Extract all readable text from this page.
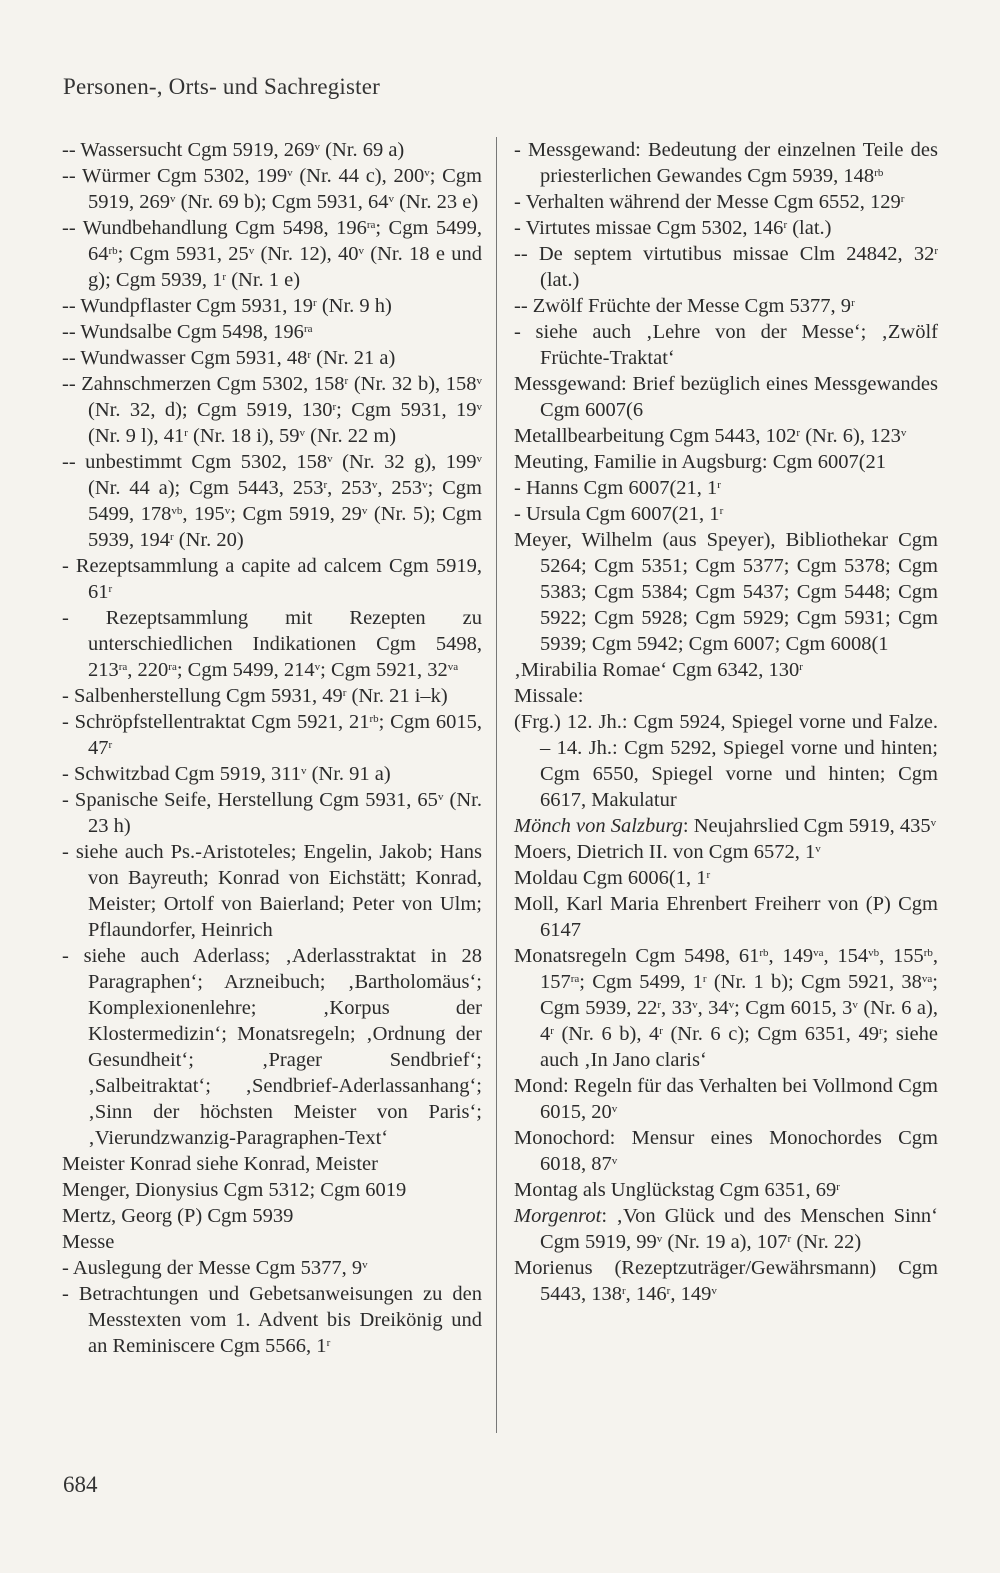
Personen-, Orts- und Sachregister
-- Wassersucht Cgm 5919, 269$^v$ (Nr. 69 a)
-- Würmer Cgm 5302, 199$^v$ (Nr. 44 c), 200$^v$; Cgm 5919, 269$^v$ (Nr. 69 b); Cgm 5931, 64$^v$ (Nr. 23 e)
-- Wundbehandlung Cgm 5498, $196^{ra}$; Cgm 5499, $64^{rb}$; Cgm 5931, 25$^v$ (Nr. 12), 40$^v$ (Nr. 18 e und g); Cgm 5939, 1$^r$ (Nr. 1 e)
-- Wundpflaster Cgm 5931, 19$^r$ (Nr. 9 h)
-- Wundsalbe Cgm 5498, $196^{ra}$
-- Wundwasser Cgm 5931, 48$^r$ (Nr. 21 a)
-- Zahnschmerzen Cgm 5302, 158$^r$ (Nr. 32 b), 158$^v$ (Nr. 32, d); Cgm 5919, 130$^r$; Cgm 5931, 19$^v$ (Nr. 9 l), 41$^r$ (Nr. 18 i), 59$^v$ (Nr. 22 m)
-- unbestimmt Cgm 5302, 158$^v$ (Nr. 32 g), 199$^v$ (Nr. 44 a); Cgm 5443, 253$^r$, 253$^v$, 253$^v$; Cgm 5499, $178^{vb}$, 195$^v$; Cgm 5919, 29$^v$ (Nr. 5); Cgm 5939, 194$^r$ (Nr. 20)
- Rezeptsammlung a capite ad calcem Cgm 5919, 61$^r$
- Rezeptsammlung mit Rezepten zu unterschiedlichen Indikationen Cgm 5498, $213^{ra}$, $220^{ra}$; Cgm 5499, 214$^v$; Cgm 5921, $32^{va}$
- Salbenherstellung Cgm 5931, 49$^r$ (Nr. 21 i–k)
- Schröpfstellentraktat Cgm 5921, $21^{rb}$; Cgm 6015, 47$^r$
- Schwitzbad Cgm 5919, 311$^v$ (Nr. 91 a)
- Spanische Seife, Herstellung Cgm 5931, 65$^v$ (Nr. 23 h)
- siehe auch Ps.-Aristoteles; Engelin, Jakob; Hans von Bayreuth; Konrad von Eichstätt; Konrad, Meister; Ortolf von Baierland; Peter von Ulm; Pflaundorfer, Heinrich
- siehe auch Aderlass; ‚Aderlasstraktat in 28 Paragraphen‘; Arzneibuch; ‚Bartholomäus‘; Komplexionenlehre; ‚Korpus der Klostermedizin‘; Monatsregeln; ‚Ordnung der Gesundheit‘; ‚Prager Sendbrief‘; ‚Salbeitraktat‘; ‚Sendbrief-Aderlassanhang‘; ‚Sinn der höchsten Meister von Paris‘; ‚Vierundzwanzig-Paragraphen-Text‘
Meister Konrad siehe Konrad, Meister
Menger, Dionysius Cgm 5312; Cgm 6019
Mertz, Georg (P) Cgm 5939
Messe
- Auslegung der Messe Cgm 5377, 9$^v$
- Betrachtungen und Gebetsanweisungen zu den Messtexten vom 1. Advent bis Dreikönig und an Reminiscere Cgm 5566, 1$^r$
- Messgewand: Bedeutung der einzelnen Teile des priesterlichen Gewandes Cgm 5939, $148^{rb}$
- Verhalten während der Messe Cgm 6552, 129$^r$
- Virtutes missae Cgm 5302, 146$^r$ (lat.)
-- De septem virtutibus missae Clm 24842, 32$^r$ (lat.)
-- Zwölf Früchte der Messe Cgm 5377, 9$^r$
- siehe auch ‚Lehre von der Messe‘; ‚Zwölf Früchte-Traktat‘
Messgewand: Brief bezüglich eines Messgewandes Cgm 6007(6
Metallbearbeitung Cgm 5443, 102$^r$ (Nr. 6), 123$^v$
Meuting, Familie in Augsburg: Cgm 6007(21
- Hanns Cgm 6007(21, 1$^r$
- Ursula Cgm 6007(21, 1$^r$
Meyer, Wilhelm (aus Speyer), Bibliothekar Cgm 5264; Cgm 5351; Cgm 5377; Cgm 5378; Cgm 5383; Cgm 5384; Cgm 5437; Cgm 5448; Cgm 5922; Cgm 5928; Cgm 5929; Cgm 5931; Cgm 5939; Cgm 5942; Cgm 6007; Cgm 6008(1
‚Mirabilia Romae‘ Cgm 6342, 130$^r$
Missale:
(Frg.) 12. Jh.: Cgm 5924, Spiegel vorne und Falze. – 14. Jh.: Cgm 5292, Spiegel vorne und hinten; Cgm 6550, Spiegel vorne und hinten; Cgm 6617, Makulatur
Mönch von Salzburg: Neujahrslied Cgm 5919, 435$^v$
Moers, Dietrich II. von Cgm 6572, 1$^v$
Moldau Cgm 6006(1, 1$^r$
Moll, Karl Maria Ehrenbert Freiherr von (P) Cgm 6147
Monatsregeln Cgm 5498, $61^{rb}$, $149^{va}$, $154^{vb}$, $155^{rb}$, $157^{ra}$; Cgm 5499, 1$^r$ (Nr. 1 b); Cgm 5921, $38^{va}$; Cgm 5939, 22$^r$, 33$^v$, 34$^v$; Cgm 6015, 3$^v$ (Nr. 6 a), 4$^r$ (Nr. 6 b), 4$^r$ (Nr. 6 c); Cgm 6351, 49$^r$; siehe auch ‚In Jano claris‘
Mond: Regeln für das Verhalten bei Vollmond Cgm 6015, 20$^v$
Monochord: Mensur eines Monochordes Cgm 6018, 87$^v$
Montag als Unglückstag Cgm 6351, 69$^r$
Morgenrot: ‚Von Glück und des Menschen Sinn‘ Cgm 5919, 99$^v$ (Nr. 19 a), 107$^r$ (Nr. 22)
Morienus (Rezeptzuträger/Gewährsmann) Cgm 5443, 138$^r$, 146$^r$, 149$^v$
684
